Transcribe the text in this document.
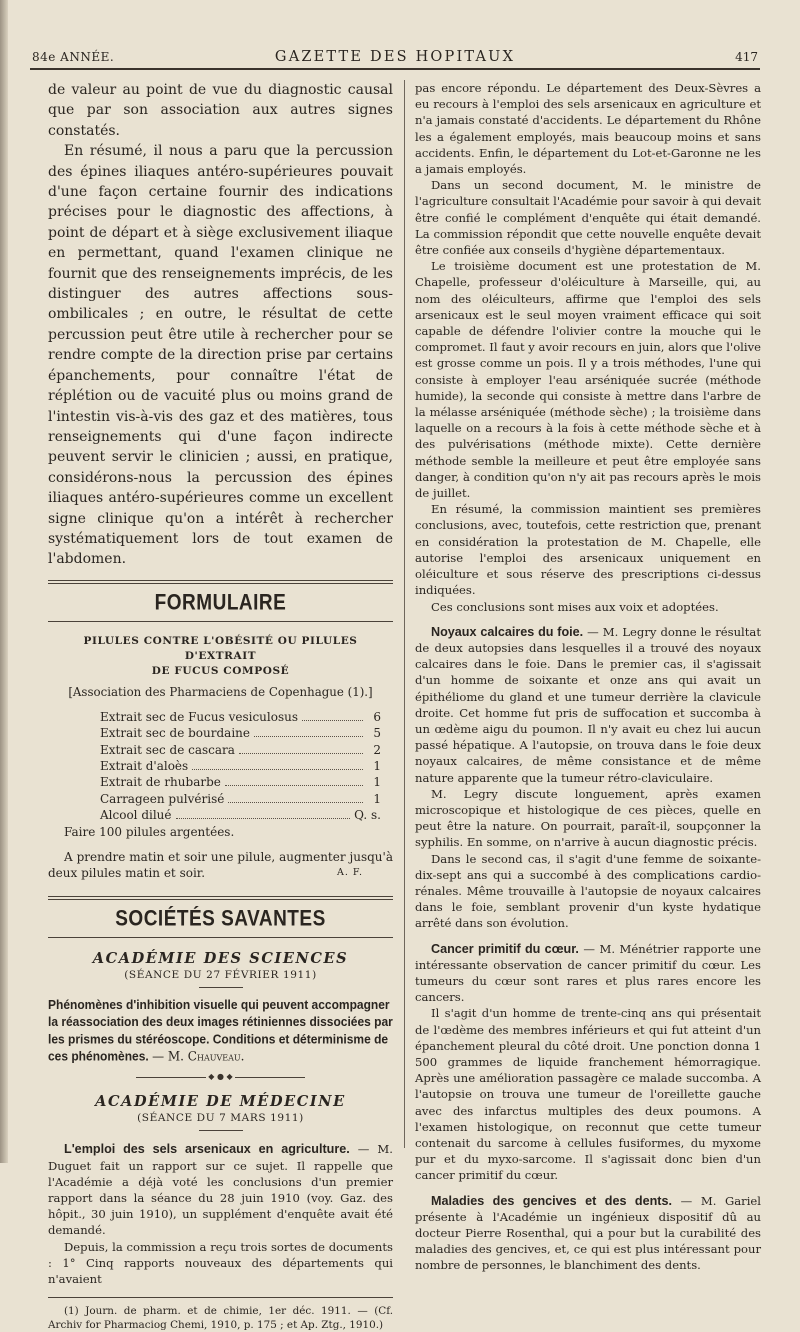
84e ANNÉE.	GAZETTE DES HOPITAUX	417

de valeur au point de vue du diagnostic causal que par son association aux autres signes constatés.

En résumé, il nous a paru que la percussion des épines iliaques antéro-supérieures pouvait d'une façon certaine fournir des indications précises pour le diagnostic des affections, à point de départ et à siège exclusivement iliaque en permettant, quand l'examen clinique ne fournit que des renseignements imprécis, de les distinguer des autres affections sous-ombilicales ; en outre, le résultat de cette percussion peut être utile à rechercher pour se rendre compte de la direction prise par certains épanchements, pour connaître l'état de réplétion ou de vacuité plus ou moins grand de l'intestin vis-à-vis des gaz et des matières, tous renseignements qui d'une façon indirecte peuvent servir le clinicien ; aussi, en pratique, considérons-nous la percussion des épines iliaques antéro-supérieures comme un excellent signe clinique qu'on a intérêt à rechercher systématiquement lors de tout examen de l'abdomen.

FORMULAIRE
PILULES CONTRE L'OBÉSITÉ OU PILULES D'EXTRAIT
DE FUCUS COMPOSÉ
[Association des Pharmaciens de Copenhague (1).]
Extrait sec de Fucus vesiculosus	6
Extrait sec de bourdaine	5
Extrait sec de cascara	2
Extrait d'aloès	1
Extrait de rhubarbe	1
Carrageen pulvérisé	1
Alcool dilué	Q. s.

Faire 100 pilules argentées.

A prendre matin et soir une pilule, augmenter jusqu'à deux pilules matin et soir.	A. F.

SOCIÉTÉS SAVANTES
ACADÉMIE DES SCIENCES
(SÉANCE DU 27 FÉVRIER 1911)
Phénomènes d'inhibition visuelle qui peuvent accompagner la réassociation des deux images rétiniennes dissociées par les prismes du stéréoscope. Conditions et déterminisme de ces phénomènes. — M. Chauveau.
◆ ● ◆
ACADÉMIE DE MÉDECINE
(SÉANCE DU 7 MARS 1911)

L'emploi des sels arsenicaux en agriculture. — M. Duguet fait un rapport sur ce sujet. Il rappelle que l'Académie a déjà voté les conclusions d'un premier rapport dans la séance du 28 juin 1910 (voy. Gaz. des hôpit., 30 juin 1910), un supplément d'enquête avait été demandé.

Depuis, la commission a reçu trois sortes de documents : 1° Cinq rapports nouveaux des départements qui n'avaient

(1) Journ. de pharm. et de chimie, 1er déc. 1911. — (Cf. Archiv for Pharmaciog Chemi, 1910, p. 175 ; et Ap. Ztg., 1910.)

pas encore répondu. Le département des Deux-Sèvres a eu recours à l'emploi des sels arsenicaux en agriculture et n'a jamais constaté d'accidents. Le département du Rhône les a également employés, mais beaucoup moins et sans accidents. Enfin, le département du Lot-et-Garonne ne les a jamais employés.

Dans un second document, M. le ministre de l'agriculture consultait l'Académie pour savoir à qui devait être confié le complément d'enquête qui était demandé. La commission répondit que cette nouvelle enquête devait être confiée aux conseils d'hygiène départementaux.

Le troisième document est une protestation de M. Chapelle, professeur d'oléiculture à Marseille, qui, au nom des oléiculteurs, affirme que l'emploi des sels arsenicaux est le seul moyen vraiment efficace qui soit capable de défendre l'olivier contre la mouche qui le compromet. Il faut y avoir recours en juin, alors que l'olive est grosse comme un pois. Il y a trois méthodes, l'une qui consiste à employer l'eau arséniquée sucrée (méthode humide), la seconde qui consiste à mettre dans l'arbre de la mélasse arséniquée (méthode sèche) ; la troisième dans laquelle on a recours à la fois à cette méthode sèche et à des pulvérisations (méthode mixte). Cette dernière méthode semble la meilleure et peut être employée sans danger, à condition qu'on n'y ait pas recours après le mois de juillet.

En résumé, la commission maintient ses premières conclusions, avec, toutefois, cette restriction que, prenant en considération la protestation de M. Chapelle, elle autorise l'emploi des arsenicaux uniquement en oléiculture et sous réserve des prescriptions ci-dessus indiquées.

Ces conclusions sont mises aux voix et adoptées.

Noyaux calcaires du foie. — M. Legry donne le résultat de deux autopsies dans lesquelles il a trouvé des noyaux calcaires dans le foie. Dans le premier cas, il s'agissait d'un homme de soixante et onze ans qui avait un épithéliome du gland et une tumeur derrière la clavicule droite. Cet homme fut pris de suffocation et succomba à un œdème aigu du poumon. Il n'y avait eu chez lui aucun passé hépatique. A l'autopsie, on trouva dans le foie deux noyaux calcaires, de même consistance et de même nature apparente que la tumeur rétro-claviculaire.

M. Legry discute longuement, après examen microscopique et histologique de ces pièces, quelle en peut être la nature. On pourrait, paraît-il, soupçonner la syphilis. En somme, on n'arrive à aucun diagnostic précis.

Dans le second cas, il s'agit d'une femme de soixante-dix-sept ans qui a succombé à des complications cardio-rénales. Même trouvaille à l'autopsie de noyaux calcaires dans le foie, semblant provenir d'un kyste hydatique arrêté dans son évolution.

Cancer primitif du cœur. — M. Ménétrier rapporte une intéressante observation de cancer primitif du cœur. Les tumeurs du cœur sont rares et plus rares encore les cancers.

Il s'agit d'un homme de trente-cinq ans qui présentait de l'œdème des membres inférieurs et qui fut atteint d'un épanchement pleural du côté droit. Une ponction donna 1 500 grammes de liquide franchement hémorragique. Après une amélioration passagère ce malade succomba. A l'autopsie on trouva une tumeur de l'oreillette gauche avec des infarctus multiples des deux poumons. A l'examen histologique, on reconnut que cette tumeur contenait du sarcome à cellules fusiformes, du myxome pur et du myxo-sarcome. Il s'agissait donc bien d'un cancer primitif du cœur.

Maladies des gencives et des dents. — M. Gariel présente à l'Académie un ingénieux dispositif dû au docteur Pierre Rosenthal, qui a pour but la curabilité des maladies des gencives, et, ce qui est plus intéressant pour nombre de personnes, le blanchiment des dents.
